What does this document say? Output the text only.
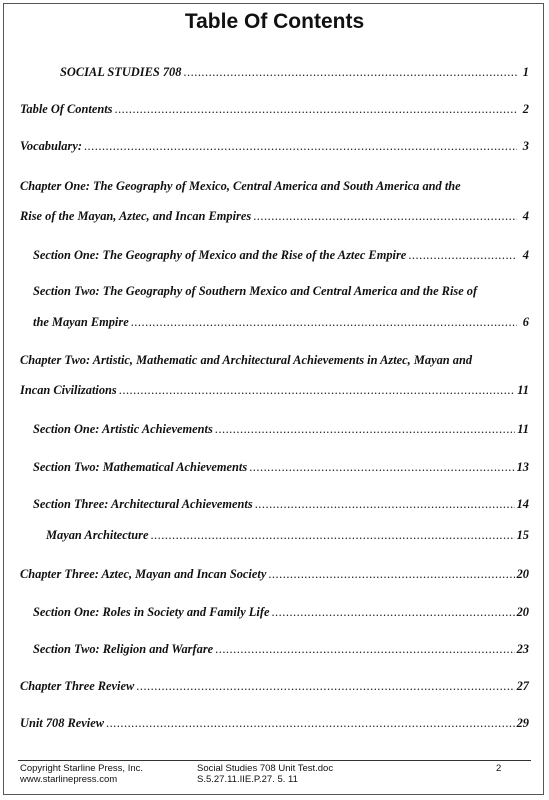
Table Of Contents
SOCIAL STUDIES 708 .....	1
Table Of Contents .....	2
Vocabulary: .....	3
Chapter One: The Geography of Mexico, Central America and South America and the
Rise of the Mayan, Aztec, and Incan Empires .....	4
Section One: The Geography of Mexico and the Rise of the Aztec Empire .....	4
Section Two: The Geography of Southern Mexico and Central America and the Rise of
the Mayan Empire .....	6
Chapter Two: Artistic, Mathematic and Architectural Achievements in Aztec, Mayan and
Incan Civilizations .....	11
Section One: Artistic Achievements .....	11
Section Two: Mathematical Achievements .....	13
Section Three: Architectural Achievements .....	14
Mayan Architecture .....	15
Chapter Three: Aztec, Mayan and Incan Society .....	20
Section One: Roles in Society and Family Life .....	20
Section Two: Religion and Warfare .....	23
Chapter Three Review .....	27
Unit 708 Review .....	29
Copyright Starline Press, Inc.
www.starlinepress.com
Social Studies 708 Unit Test.doc
S.5.27.11.IIE.P.27. 5. 11
2
